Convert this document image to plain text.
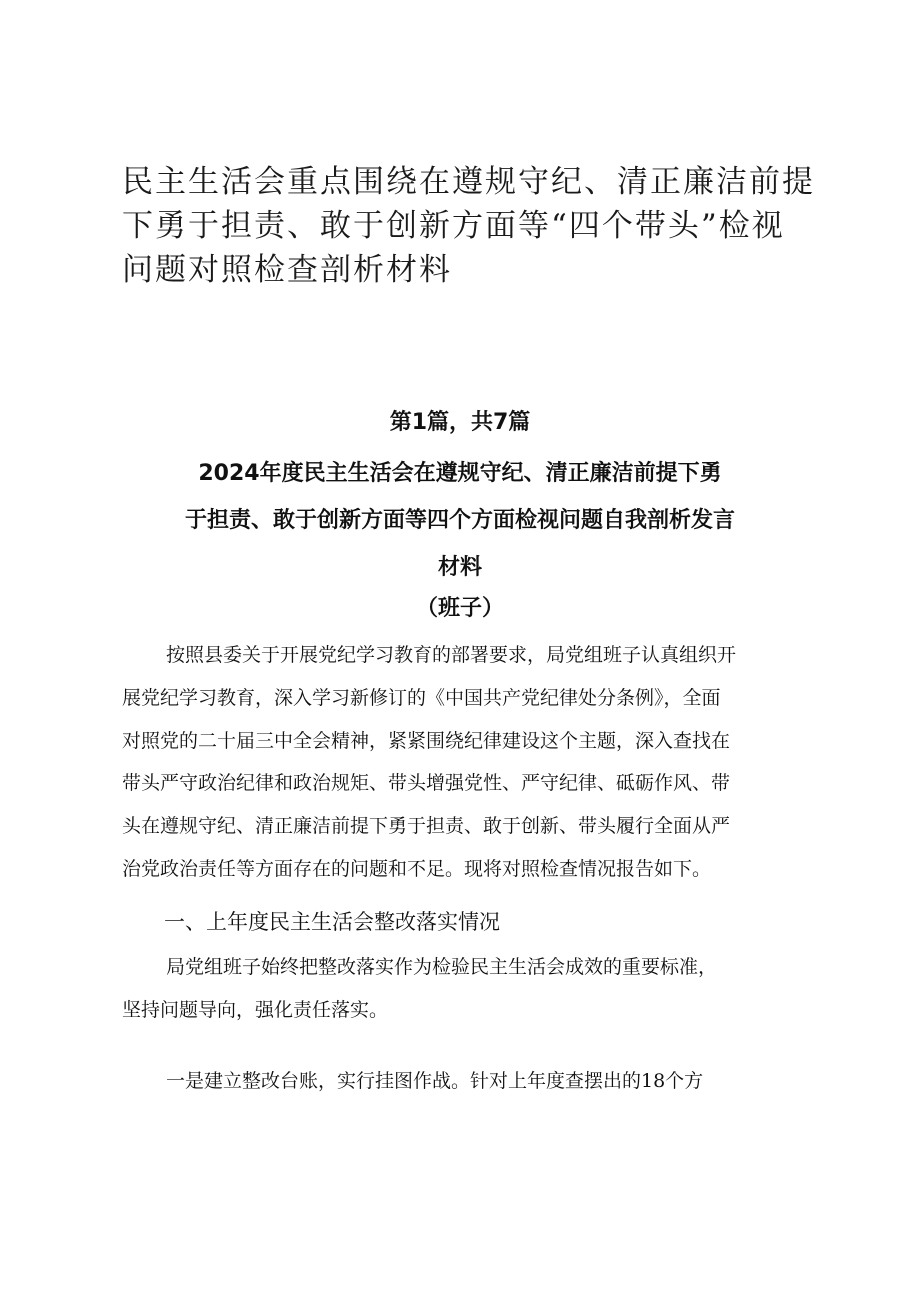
民主生活会重点围绕在遵规守纪、清正廉洁前提
下勇于担责、敢于创新方面等“四个带头”检视
问题对照检查剖析材料
第1篇，共7篇
2024年度民主生活会在遵规守纪、清正廉洁前提下勇
于担责、敢于创新方面等四个方面检视问题自我剖析发言
材料
（班子）
按照县委关于开展党纪学习教育的部署要求，局党组班子认真组织开
展党纪学习教育，深入学习新修订的《中国共产党纪律处分条例》，全面
对照党的二十届三中全会精神，紧紧围绕纪律建设这个主题，深入查找在
带头严守政治纪律和政治规矩、带头增强党性、严守纪律、砥砺作风、带
头在遵规守纪、清正廉洁前提下勇于担责、敢于创新、带头履行全面从严
治党政治责任等方面存在的问题和不足。现将对照检查情况报告如下。
一、上年度民主生活会整改落实情况
局党组班子始终把整改落实作为检验民主生活会成效的重要标准，
坚持问题导向，强化责任落实。
一是建立整改台账，实行挂图作战。针对上年度查摆出的18个方
